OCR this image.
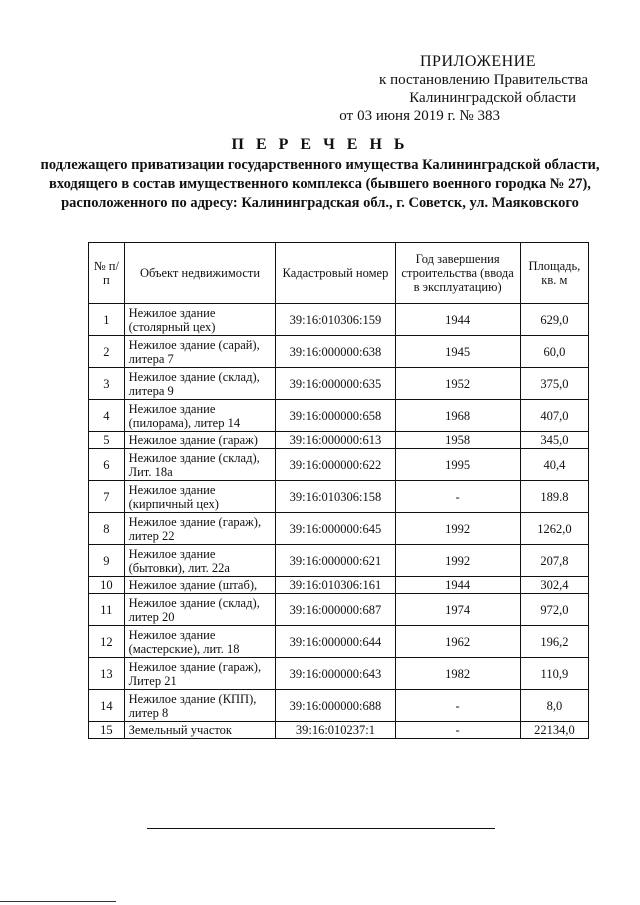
ПРИЛОЖЕНИЕ
к постановлению Правительства
Калининградской области
от 03 июня 2019 г. № 383
П Е Р Е Ч Е Н Ь
подлежащего приватизации государственного имущества Калининградской области, входящего в состав имущественного комплекса (бывшего военного городка № 27), расположенного по адресу: Калининградская обл., г. Советск, ул. Маяковского
№ п/п	Объект недвижимости	Кадастровый номер	Год завершения строительства (ввода в эксплуатацию)	Площадь, кв. м
1	Нежилое здание (столярный цех)	39:16:010306:159	1944	629,0
2	Нежилое здание (сарай), литера 7	39:16:000000:638	1945	60,0
3	Нежилое здание (склад), литера 9	39:16:000000:635	1952	375,0
4	Нежилое здание (пилорама), литер 14	39:16:000000:658	1968	407,0
5	Нежилое здание (гараж)	39:16:000000:613	1958	345,0
6	Нежилое здание (склад), Лит. 18а	39:16:000000:622	1995	40,4
7	Нежилое здание (кирпичный цех)	39:16:010306:158	-	189.8
8	Нежилое здание (гараж), литер 22	39:16:000000:645	1992	1262,0
9	Нежилое здание (бытовки), лит. 22а	39:16:000000:621	1992	207,8
10	Нежилое здание (штаб),	39:16:010306:161	1944	302,4
11	Нежилое здание (склад), литер 20	39:16:000000:687	1974	972,0
12	Нежилое здание (мастерские), лит. 18	39:16:000000:644	1962	196,2
13	Нежилое здание (гараж), Литер 21	39:16:000000:643	1982	110,9
14	Нежилое здание (КПП), литер 8	39:16:000000:688	-	8,0
15	Земельный участок	39:16:010237:1	-	22134,0
